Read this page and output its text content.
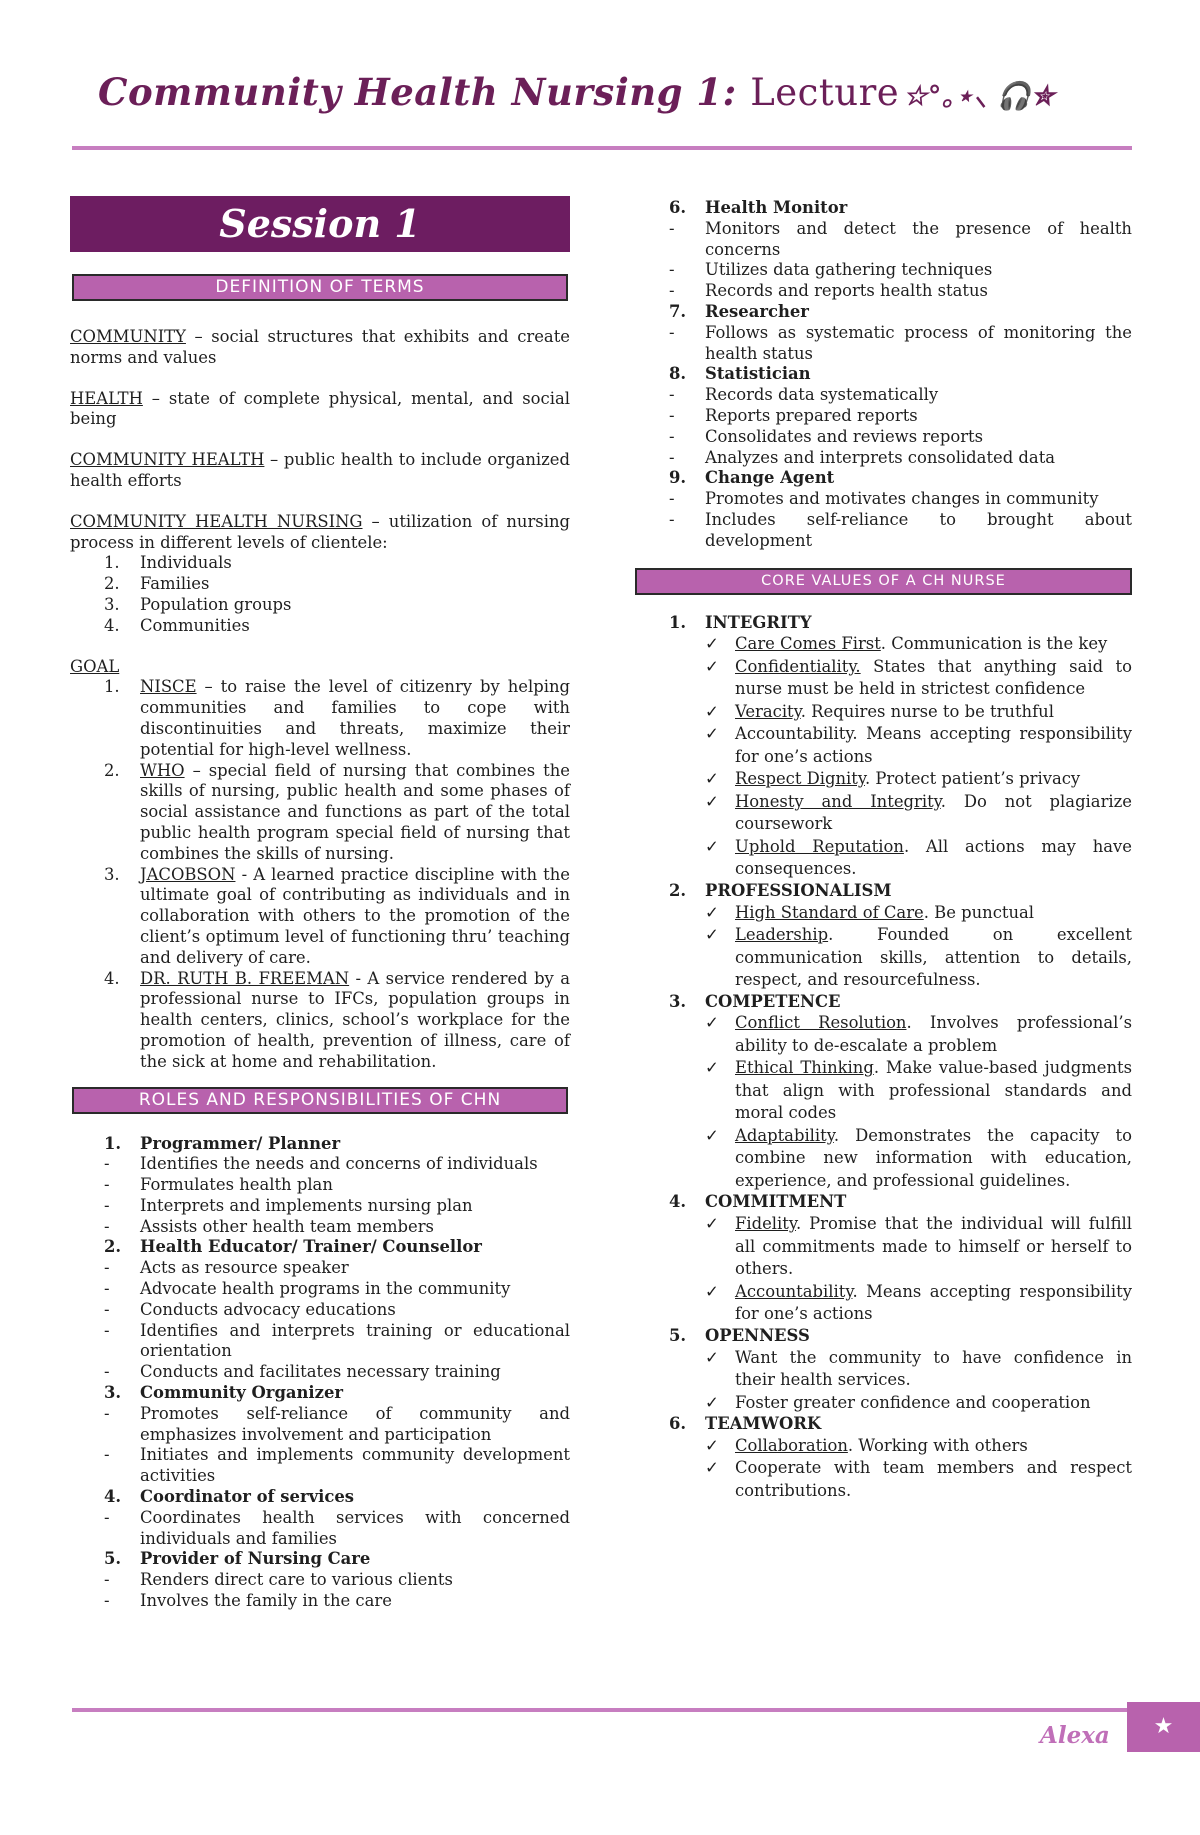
Community Health Nursing 1: Lecture ☆°｡⋆⸜ 🎧✮
Session 1
DEFINITION OF TERMS

COMMUNITY – social structures that exhibits and create norms and values

HEALTH – state of complete physical, mental, and social being

COMMUNITY HEALTH – public health to include organized health efforts

COMMUNITY HEALTH NURSING – utilization of nursing process in different levels of clientele:

1.	Individuals
2.	Families
3.	Population groups
4.	Communities

GOAL

1.	NISCE – to raise the level of citizenry by helping communities and families to cope with discontinuities and threats, maximize their potential for high-level wellness.
2.	WHO – special field of nursing that combines the skills of nursing, public health and some phases of social assistance and functions as part of the total public health program special field of nursing that combines the skills of nursing.
3.	JACOBSON - A learned practice discipline with the ultimate goal of contributing as individuals and in collaboration with others to the promotion of the client’s optimum level of functioning thru’ teaching and delivery of care.
4.	DR. RUTH B. FREEMAN - A service rendered by a professional nurse to IFCs, population groups in health centers, clinics, school’s workplace for the promotion of health, prevention of illness, care of the sick at home and rehabilitation.
ROLES AND RESPONSIBILITIES OF CHN
1.	Programmer/ Planner
-	Identifies the needs and concerns of individuals
-	Formulates health plan
-	Interprets and implements nursing plan
-	Assists other health team members
2.	Health Educator/ Trainer/ Counsellor
-	Acts as resource speaker
-	Advocate health programs in the community
-	Conducts advocacy educations
-	Identifies and interprets training or educational orientation
-	Conducts and facilitates necessary training
3.	Community Organizer
-	Promotes self-reliance of community and emphasizes involvement and participation
-	Initiates and implements community development activities
4.	Coordinator of services
-	Coordinates health services with concerned individuals and families
5.	Provider of Nursing Care
-	Renders direct care to various clients
-	Involves the family in the care
6.	Health Monitor
-	Monitors and detect the presence of health concerns
-	Utilizes data gathering techniques
-	Records and reports health status
7.	Researcher
-	Follows as systematic process of monitoring the health status
8.	Statistician
-	Records data systematically
-	Reports prepared reports
-	Consolidates and reviews reports
-	Analyzes and interprets consolidated data
9.	Change Agent
-	Promotes and motivates changes in community
-	Includes self-reliance to brought about development
CORE VALUES OF A CH NURSE
1.	INTEGRITY
✓ Care Comes First. Communication is the key
✓ Confidentiality. States that anything said to nurse must be held in strictest confidence
✓ Veracity. Requires nurse to be truthful
✓ Accountability. Means accepting responsibility for one’s actions
✓ Respect Dignity. Protect patient’s privacy
✓ Honesty and Integrity. Do not plagiarize coursework
✓ Uphold Reputation. All actions may have consequences.
2.	PROFESSIONALISM
✓ High Standard of Care. Be punctual
✓ Leadership. Founded on excellent communication skills, attention to details, respect, and resourcefulness.
3.	COMPETENCE
✓ Conflict Resolution. Involves professional’s ability to de-escalate a problem
✓ Ethical Thinking. Make value-based judgments that align with professional standards and moral codes
✓ Adaptability. Demonstrates the capacity to combine new information with education, experience, and professional guidelines.
4.	COMMITMENT
✓ Fidelity. Promise that the individual will fulfill all commitments made to himself or herself to others.
✓ Accountability. Means accepting responsibility for one’s actions
5.	OPENNESS
✓ Want the community to have confidence in their health services.
✓ Foster greater confidence and cooperation
6.	TEAMWORK
✓ Collaboration. Working with others
✓ Cooperate with team members and respect contributions.
Alexa	★
